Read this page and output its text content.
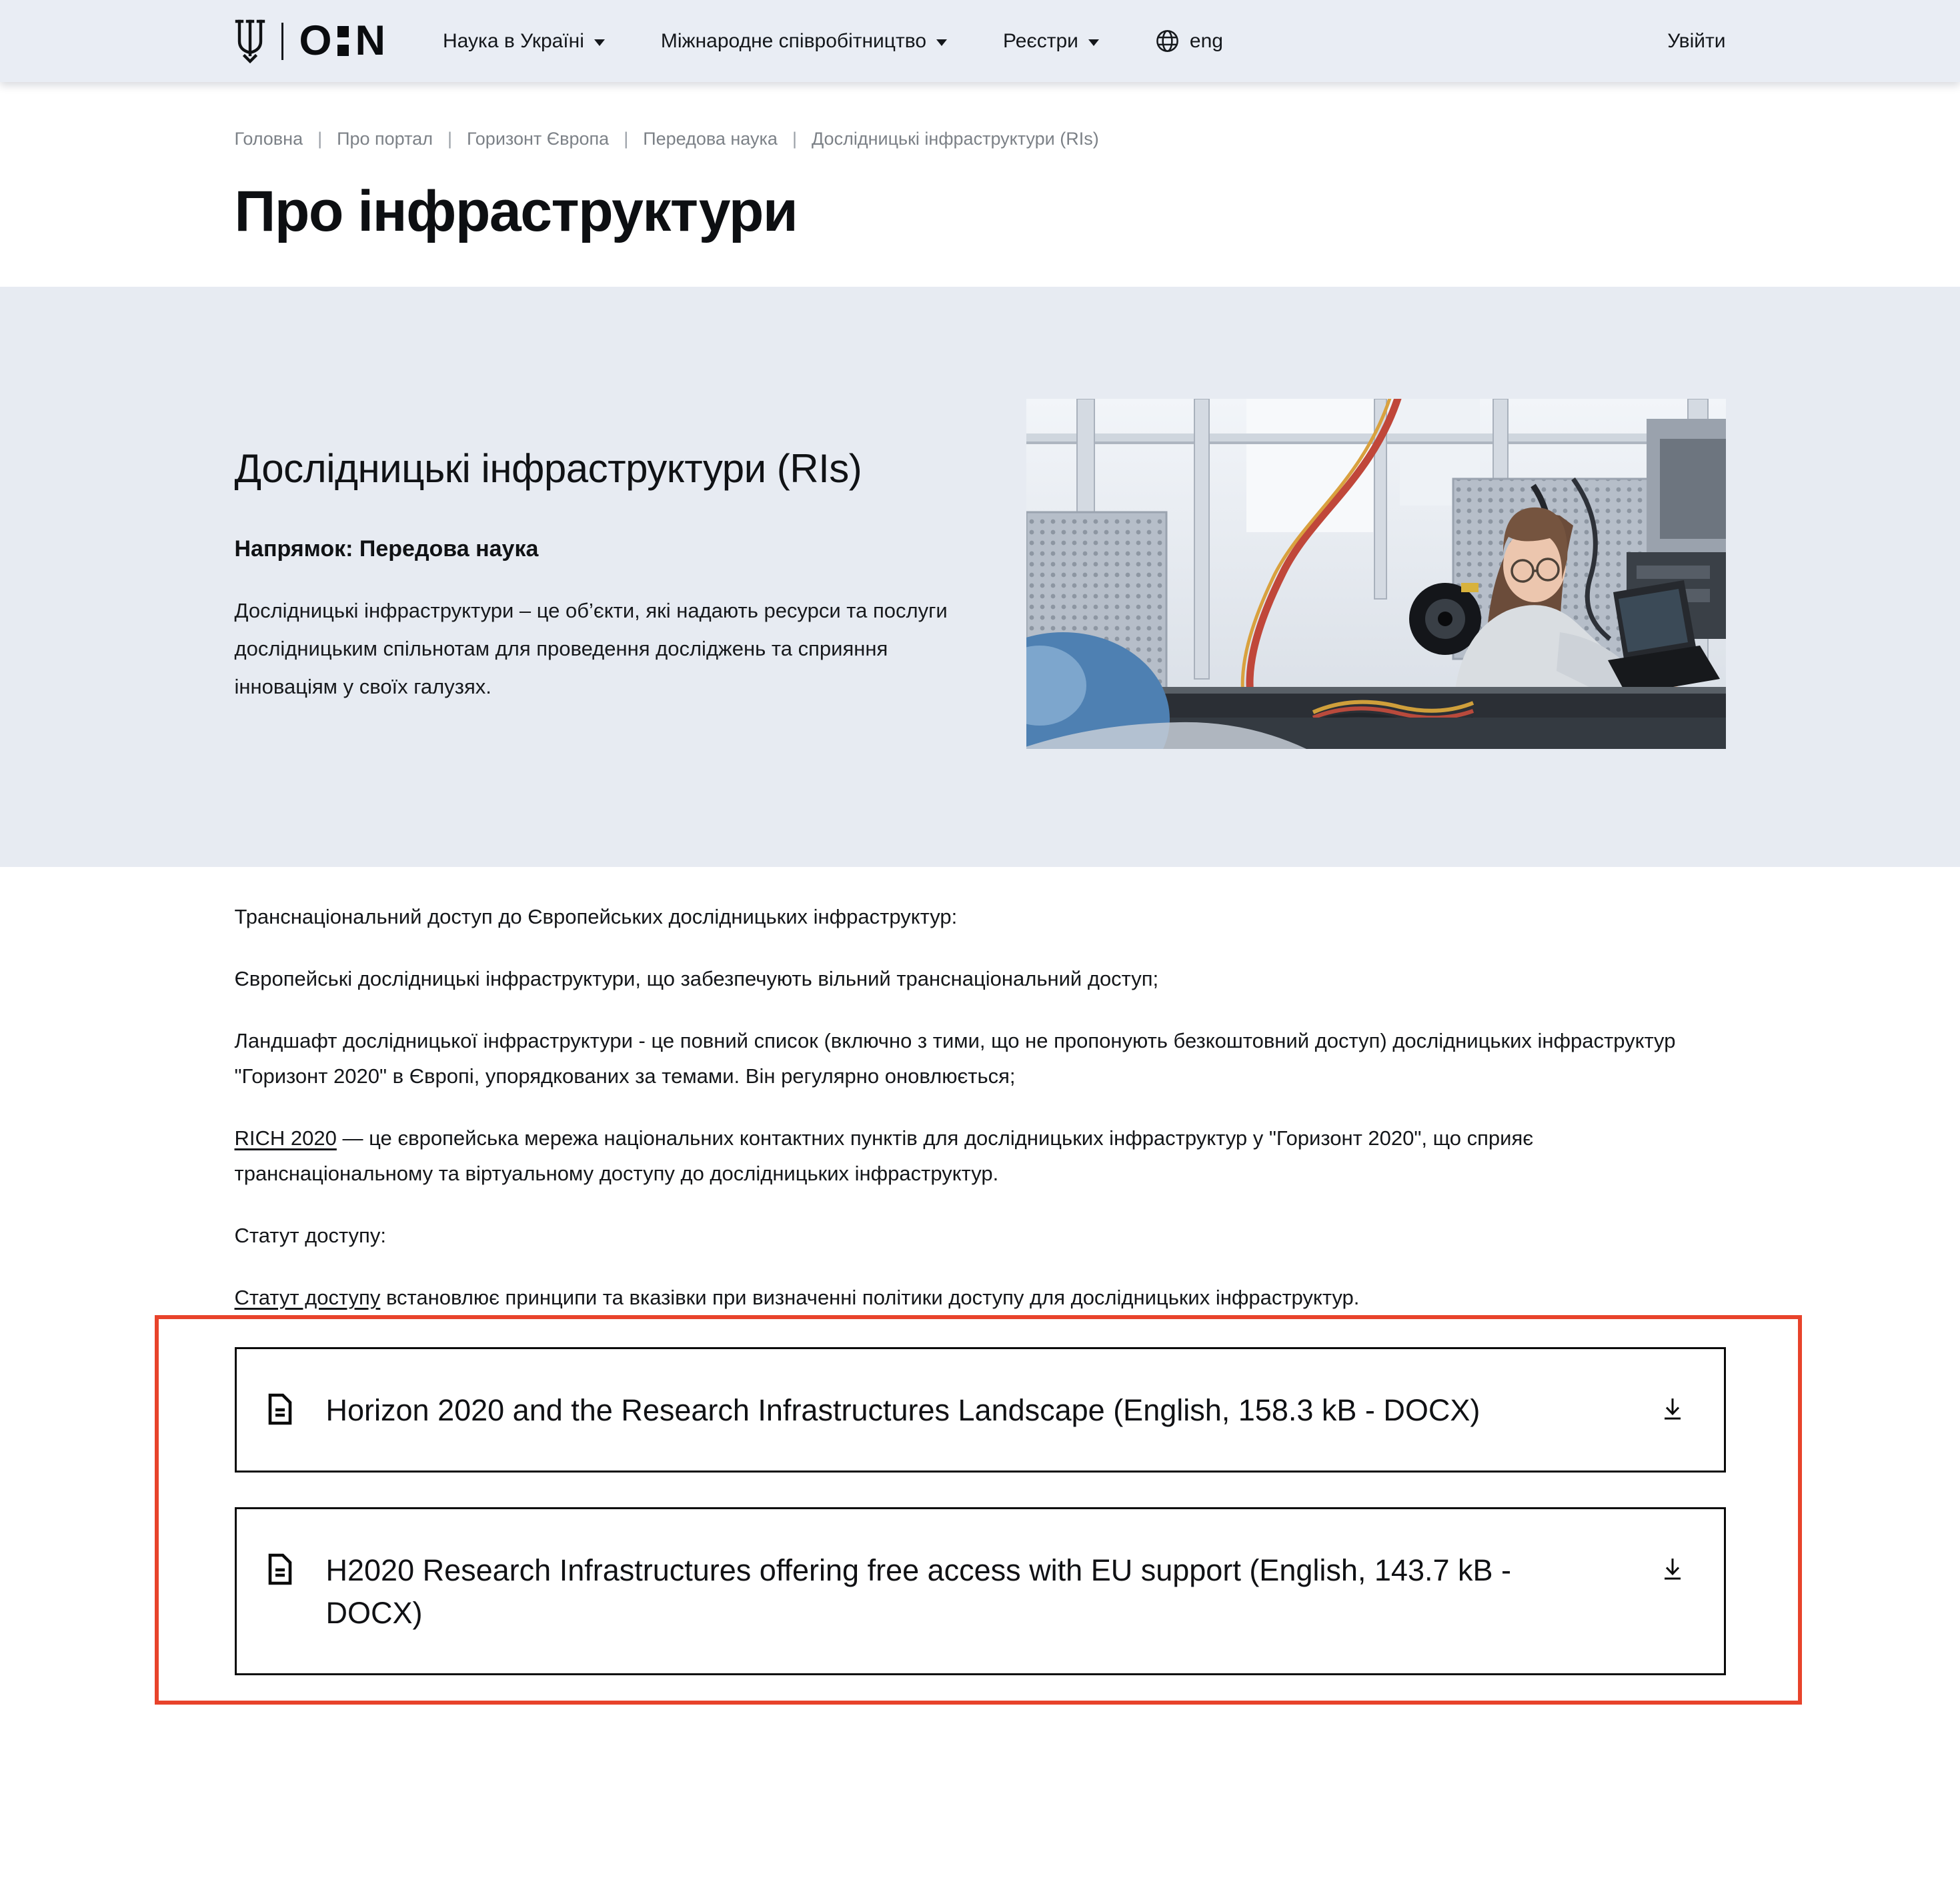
O N	Наука в Україні	Міжнародне співробітництво	Реєстри	eng	Увійти
Головна | Про портал | Горизонт Європа | Передова наука | Дослідницькі інфраструктури (RIs)
Про інфраструктури
Дослідницькі інфраструктури (RIs)

Напрямок: Передова наука

Дослідницькі інфраструктури – це об’єкти, які надають ресурси та послуги дослідницьким спільнотам для проведення досліджень та сприяння інноваціям у своїх галузях.

Транснаціональний доступ до Європейських дослідницьких інфраструктур:

Європейські дослідницькі інфраструктури, що забезпечують вільний транснаціональний доступ;

Ландшафт дослідницької інфраструктури - це повний список (включно з тими, що не пропонують безкоштовний доступ) дослідницьких інфраструктур "Горизонт 2020" в Європі, упорядкованих за темами. Він регулярно оновлюється;

RICH 2020 — це європейська мережа національних контактних пунктів для дослідницьких інфраструктур у "Горизонт 2020", що сприяє транснаціональному та віртуальному доступу до дослідницьких інфраструктур.

Статут доступу:

Статут доступу встановлює принципи та вказівки при визначенні політики доступу для дослідницьких інфраструктур.

Horizon 2020 and the Research Infrastructures Landscape (English, 158.3 kB - DOCX)
H2020 Research Infrastructures offering free access with EU support (English, 143.7 kB - DOCX)
